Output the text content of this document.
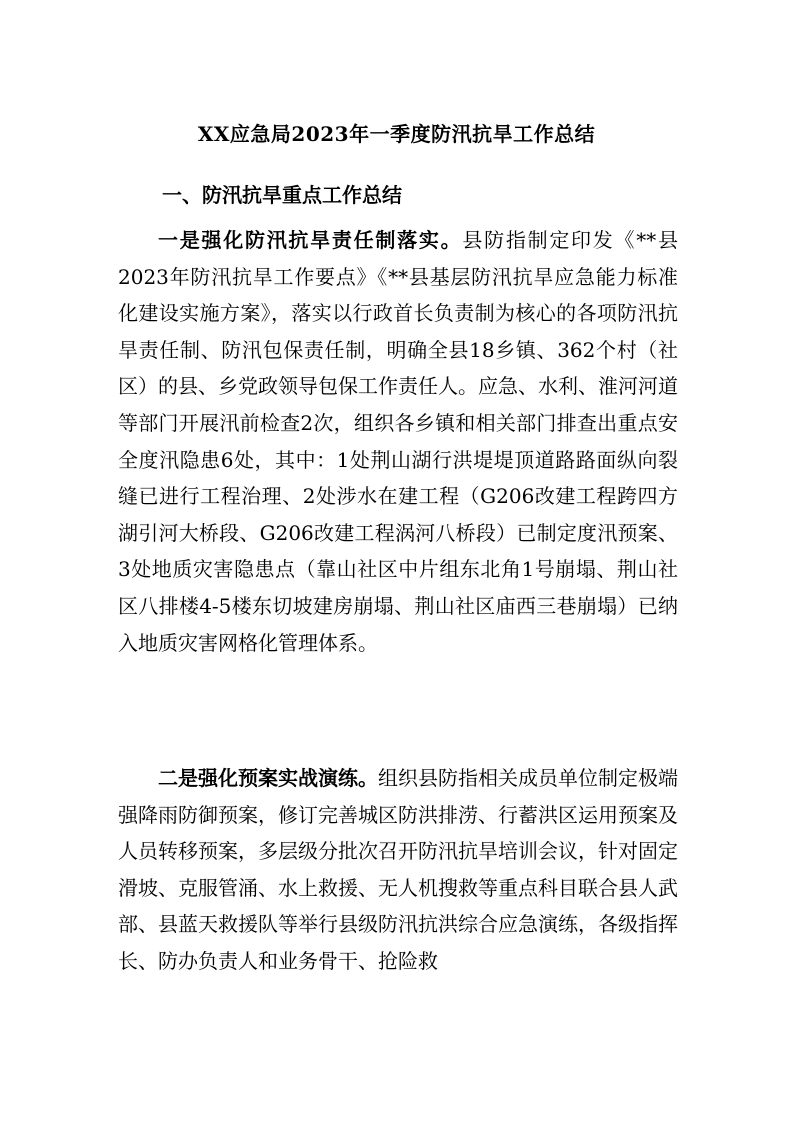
XX应急局2023年一季度防汛抗旱工作总结
一、防汛抗旱重点工作总结

一是强化防汛抗旱责任制落实。县防指制定印发《**县2023年防汛抗旱工作要点》《**县基层防汛抗旱应急能力标准化建设实施方案》，落实以行政首长负责制为核心的各项防汛抗旱责任制、防汛包保责任制，明确全县18乡镇、362个村（社区）的县、乡党政领导包保工作责任人。应急、水利、淮河河道等部门开展汛前检查2次，组织各乡镇和相关部门排查出重点安全度汛隐患6处，其中：1处荆山湖行洪堤堤顶道路路面纵向裂缝已进行工程治理、2处涉水在建工程（G206改建工程跨四方湖引河大桥段、G206改建工程涡河八桥段）已制定度汛预案、3处地质灾害隐患点（靠山社区中片组东北角1号崩塌、荆山社区八排楼4-5楼东切坡建房崩塌、荆山社区庙西三巷崩塌）已纳入地质灾害网格化管理体系。

二是强化预案实战演练。组织县防指相关成员单位制定极端强降雨防御预案，修订完善城区防洪排涝、行蓄洪区运用预案及人员转移预案，多层级分批次召开防汛抗旱培训会议，针对固定滑坡、克服管涌、水上救援、无人机搜救等重点科目联合县人武部、县蓝天救援队等举行县级防汛抗洪综合应急演练，各级指挥长、防办负责人和业务骨干、抢险救
